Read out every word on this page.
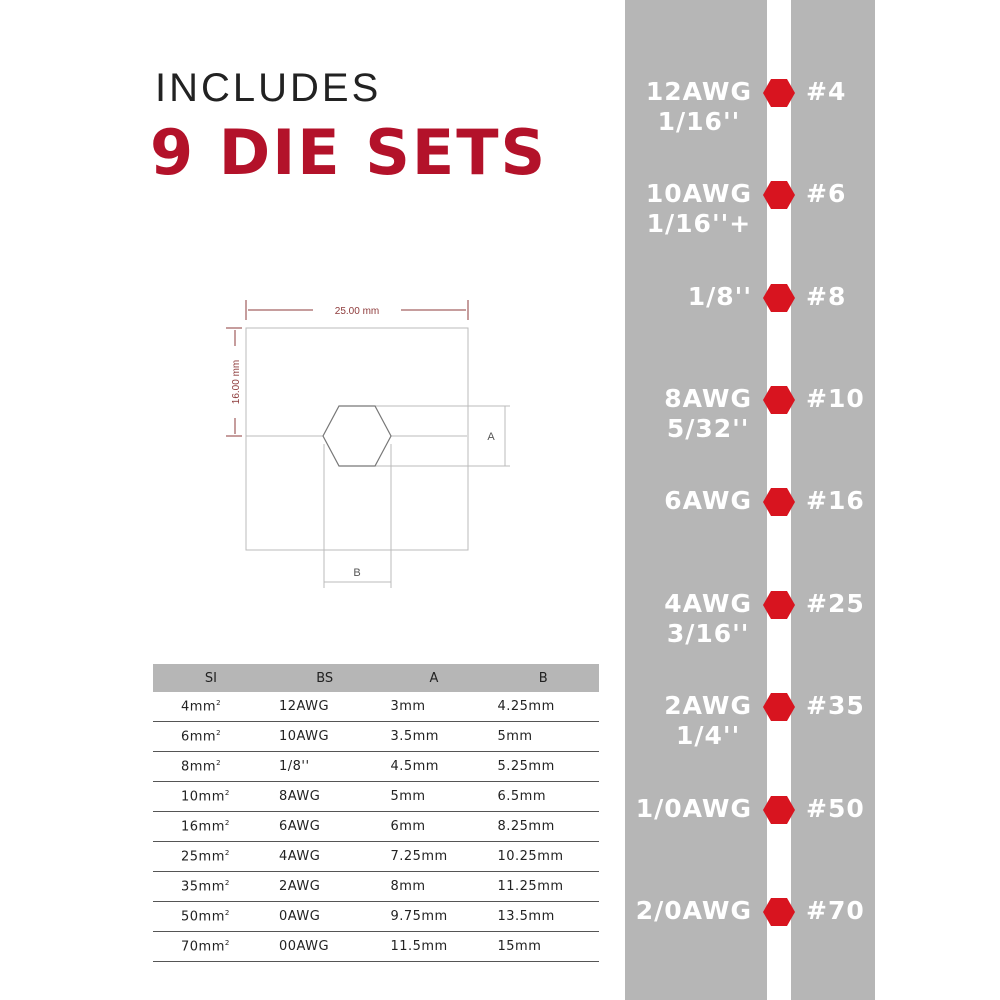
INCLUDES
9 DIE SETS
25.00 mm
16.00 mm
A
B
SI	BS	A	B
$4mm^2$	12AWG	3mm	4.25mm
$6mm^2$	10AWG	3.5mm	5mm
$8mm^2$	1/8''	4.5mm	5.25mm
$10mm^2$	8AWG	5mm	6.5mm
$16mm^2$	6AWG	6mm	8.25mm
$25mm^2$	4AWG	7.25mm	10.25mm
$35mm^2$	2AWG	8mm	11.25mm
$50mm^2$	0AWG	9.75mm	13.5mm
$70mm^2$	00AWG	11.5mm	15mm
12AWG
1/16''
#4
10AWG
1/16''+
#6
1/8'' #8
8AWG
5/32''
#10
6AWG #16
4AWG
3/16''
#25
2AWG
1/4''
#35
1/0AWG #50
2/0AWG #70
